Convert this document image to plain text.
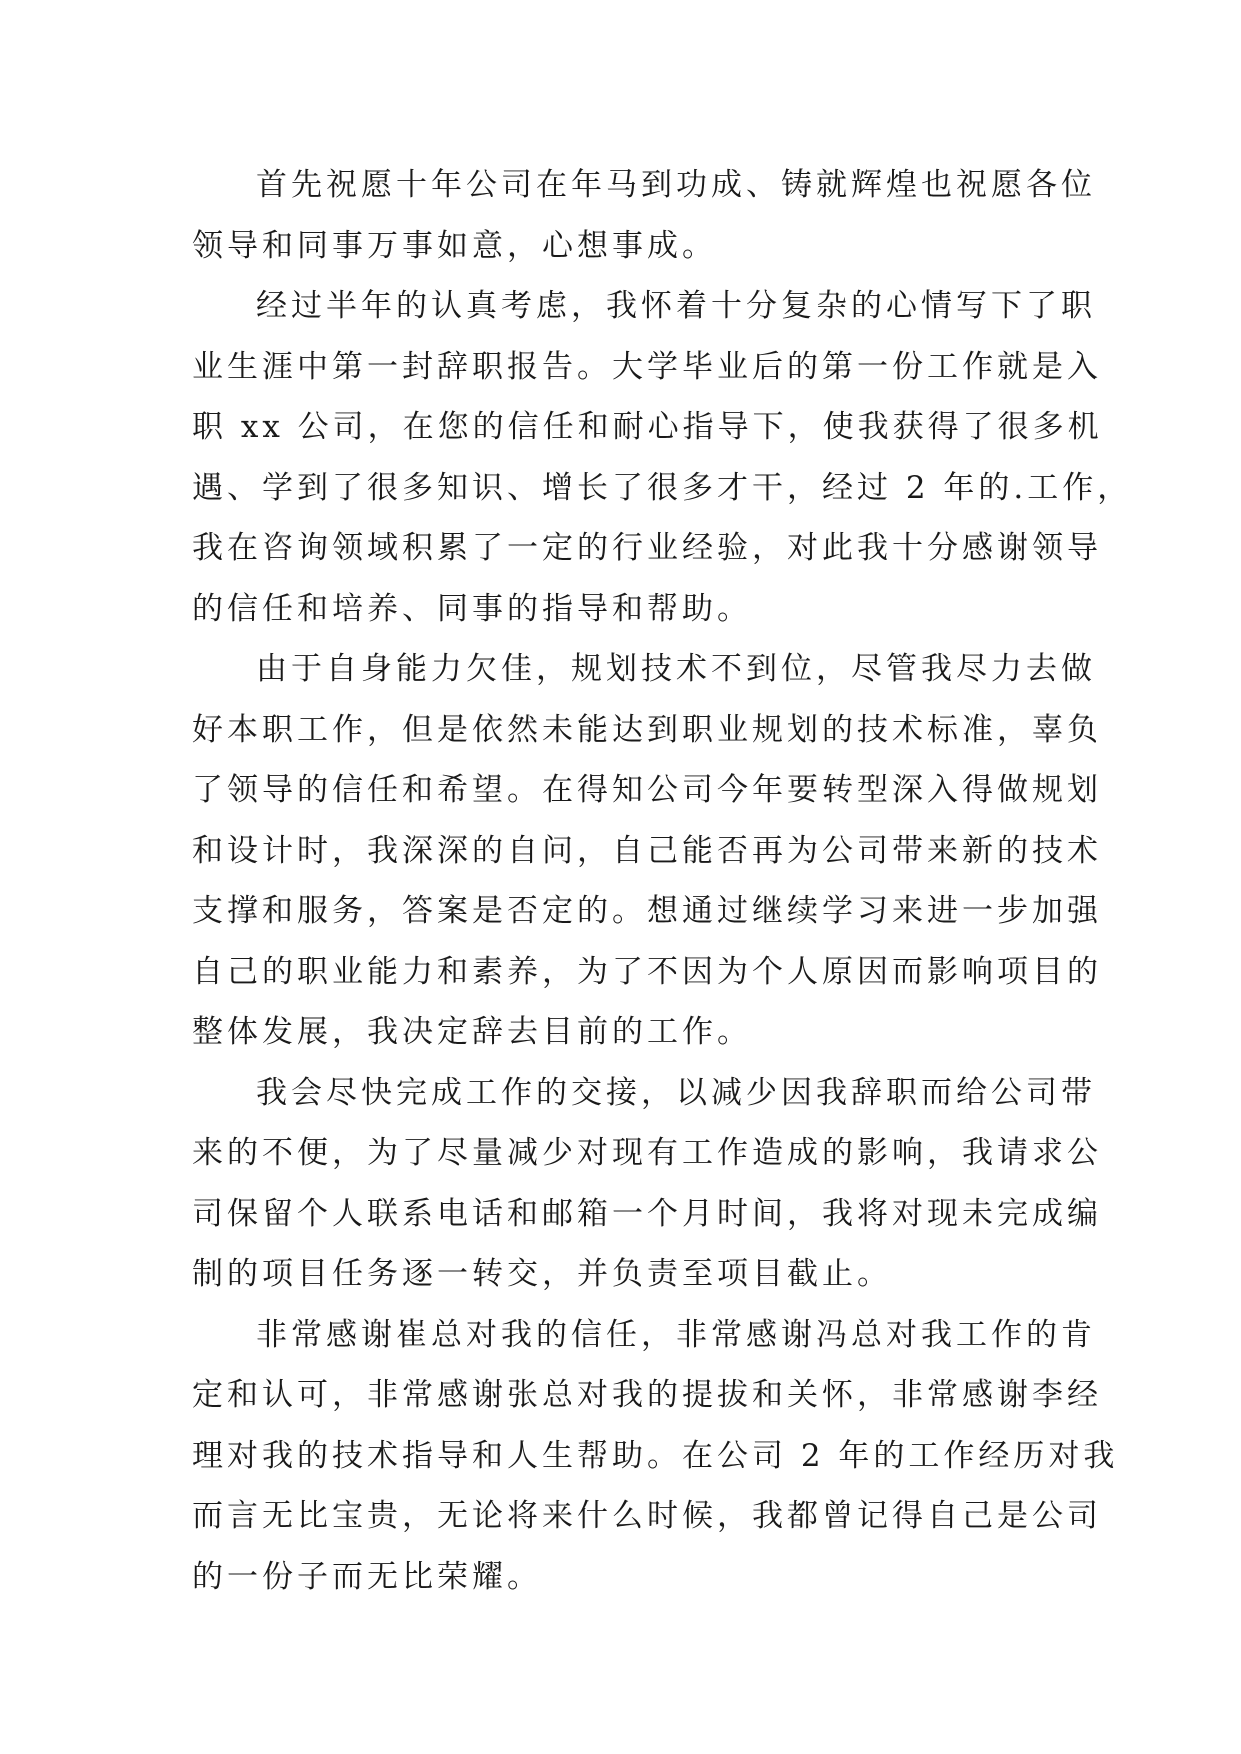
首先祝愿十年公司在年马到功成、铸就辉煌也祝愿各位
领导和同事万事如意，心想事成。
经过半年的认真考虑，我怀着十分复杂的心情写下了职
业生涯中第一封辞职报告。大学毕业后的第一份工作就是入
职 xx 公司，在您的信任和耐心指导下，使我获得了很多机
遇、学到了很多知识、增长了很多才干，经过 2 年的.工作，
我在咨询领域积累了一定的行业经验，对此我十分感谢领导
的信任和培养、同事的指导和帮助。
由于自身能力欠佳，规划技术不到位，尽管我尽力去做
好本职工作，但是依然未能达到职业规划的技术标准，辜负
了领导的信任和希望。在得知公司今年要转型深入得做规划
和设计时，我深深的自问，自己能否再为公司带来新的技术
支撑和服务，答案是否定的。想通过继续学习来进一步加强
自己的职业能力和素养，为了不因为个人原因而影响项目的
整体发展，我决定辞去目前的工作。
我会尽快完成工作的交接，以减少因我辞职而给公司带
来的不便，为了尽量减少对现有工作造成的影响，我请求公
司保留个人联系电话和邮箱一个月时间，我将对现未完成编
制的项目任务逐一转交，并负责至项目截止。
非常感谢崔总对我的信任，非常感谢冯总对我工作的肯
定和认可，非常感谢张总对我的提拔和关怀，非常感谢李经
理对我的技术指导和人生帮助。在公司 2 年的工作经历对我
而言无比宝贵，无论将来什么时候，我都曾记得自己是公司
的一份子而无比荣耀。
